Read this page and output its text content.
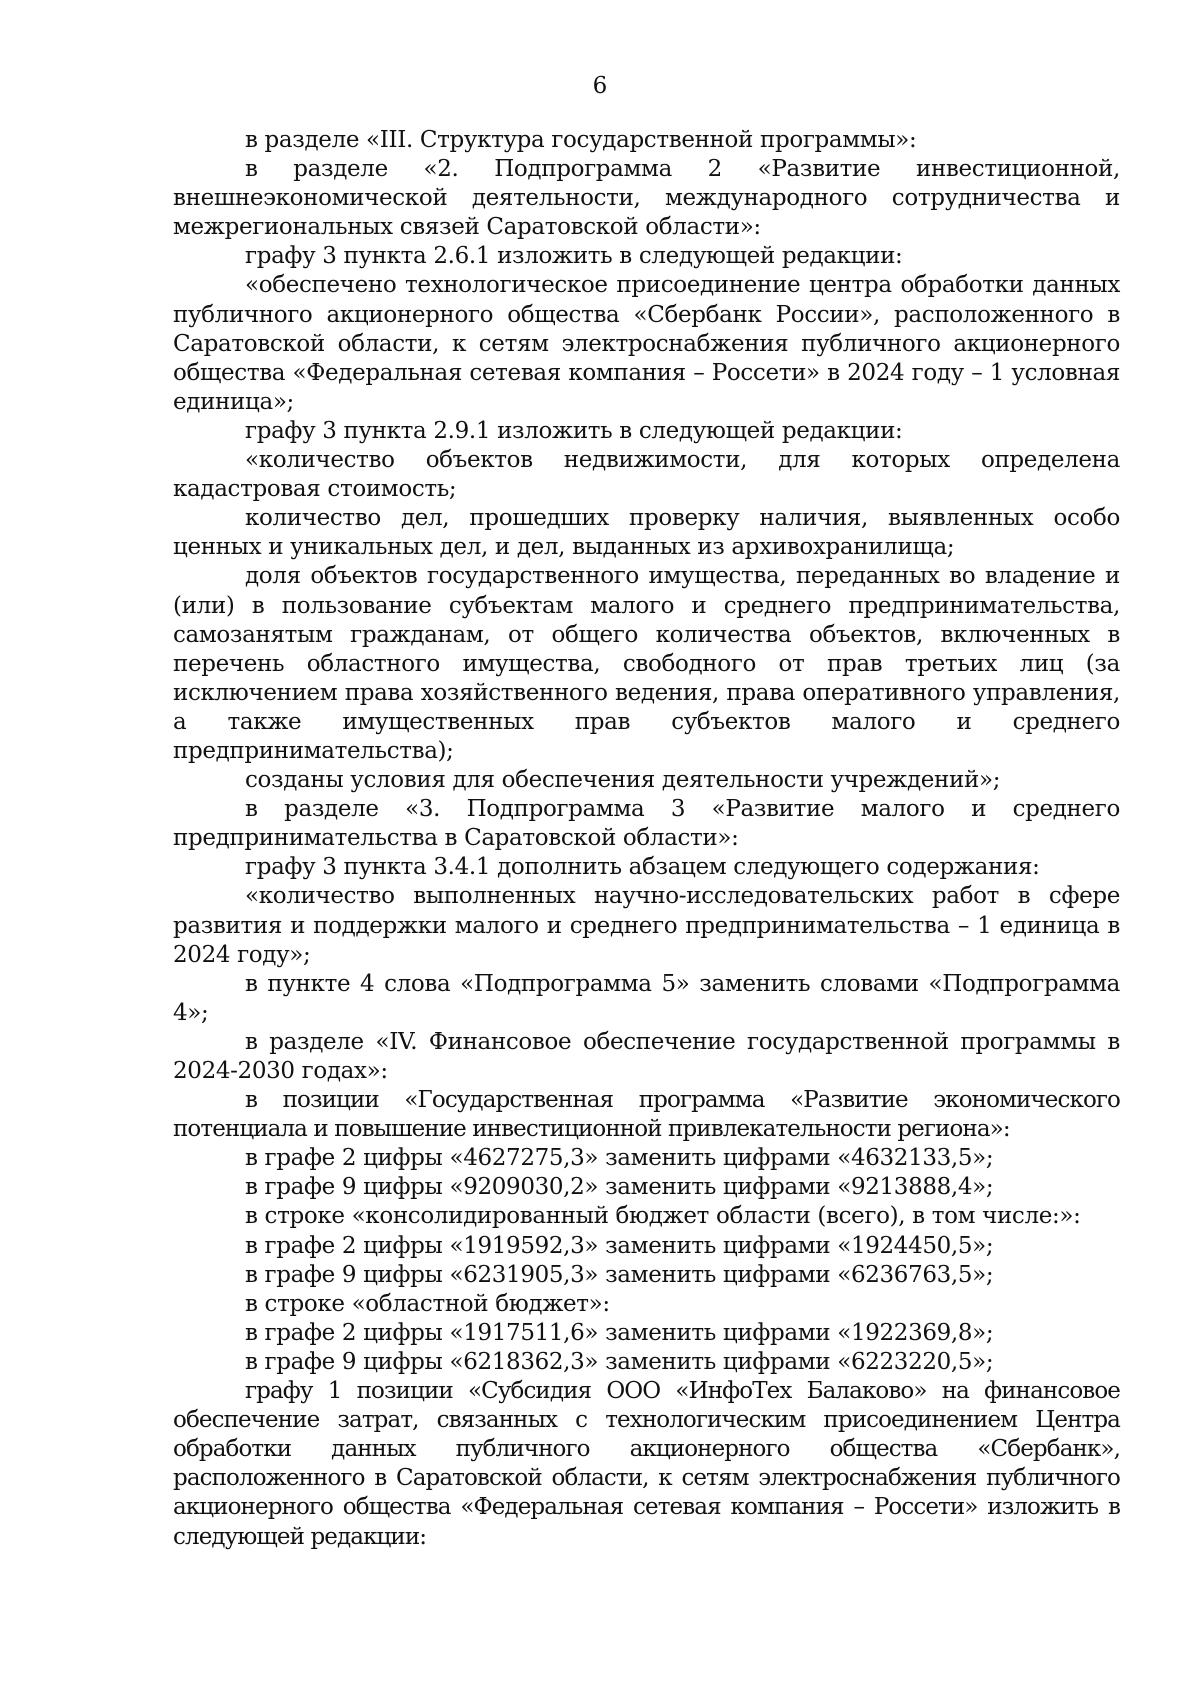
6

в разделе «III. Структура государственной программы»:

в разделе «2. Подпрограмма 2 «Развитие инвестиционной, внешнеэкономической деятельности, международного сотрудничества и межрегиональных связей Саратовской области»:

графу 3 пункта 2.6.1 изложить в следующей редакции:

«обеспечено технологическое присоединение центра обработки данных публичного акционерного общества «Сбербанк России», расположенного в Саратовской области, к сетям электроснабжения публичного акционерного общества «Федеральная сетевая компания – Россети» в 2024 году – 1 условная единица»;

графу 3 пункта 2.9.1 изложить в следующей редакции:

«количество объектов недвижимости, для которых определена кадастровая стоимость;

количество дел, прошедших проверку наличия, выявленных особо ценных и уникальных дел, и дел, выданных из архивохранилища;

доля объектов государственного имущества, переданных во владение и (или) в пользование субъектам малого и среднего предпринимательства, самозанятым гражданам, от общего количества объектов, включенных в перечень областного имущества, свободного от прав третьих лиц (за исключением права хозяйственного ведения, права оперативного управления, а также имущественных прав субъектов малого и среднего предпринимательства);

созданы условия для обеспечения деятельности учреждений»;

в разделе «3. Подпрограмма 3 «Развитие малого и среднего предпринимательства в Саратовской области»:

графу 3 пункта 3.4.1 дополнить абзацем следующего содержания:

«количество выполненных научно-исследовательских работ в сфере развития и поддержки малого и среднего предпринимательства – 1 единица в 2024 году»;

в пункте 4 слова «Подпрограмма 5» заменить словами «Подпрограмма 4»;

в разделе «IV. Финансовое обеспечение государственной программы в 2024-2030 годах»:

в позиции «Государственная программа «Развитие экономического потенциала и повышение инвестиционной привлекательности региона»:

в графе 2 цифры «4627275,3» заменить цифрами «4632133,5»;

в графе 9 цифры «9209030,2» заменить цифрами «9213888,4»;

в строке «консолидированный бюджет области (всего), в том числе:»:

в графе 2 цифры «1919592,3» заменить цифрами «1924450,5»;

в графе 9 цифры «6231905,3» заменить цифрами «6236763,5»;

в строке «областной бюджет»:

в графе 2 цифры «1917511,6» заменить цифрами «1922369,8»;

в графе 9 цифры «6218362,3» заменить цифрами «6223220,5»;

графу 1 позиции «Субсидия ООО «ИнфоТех Балаково» на финансовое обеспечение затрат, связанных с технологическим присоединением Центра обработки данных публичного акционерного общества «Сбербанк», расположенного в Саратовской области, к сетям электроснабжения публичного акционерного общества «Федеральная сетевая компания – Россети» изложить в следующей редакции:
